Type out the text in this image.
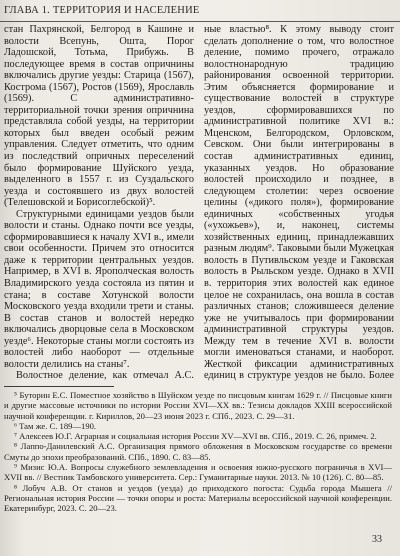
ГЛАВА 1. ТЕРРИТОРИЯ И НАСЕЛЕНИЕ

стан Пахрянской, Белгород в Кашине и волости Всепунь, Ошта, Порог Ладошской, Тотьма, Прибужь. В последующее время в состав опричнины включались другие уезды: Старица (1567), Кострома (1567), Ростов (1569), Ярославль (1569). С административно-территориальной точки зрения опричнина представляла собой уезды, на территории которых был введен особый режим управления. Следует отметить, что одним из последствий опричных переселений было формирование Шуйского уезда, выделенного в 1557 г. из Суздальского уезда и состоявшего из двух волостей (Телешовской и Борисоглебской)⁵.

Структурными единицами уездов были волости и станы. Однако почти все уезды, сформировавшиеся к началу XVI в., имели свои особенности. Причем это относится даже к территории центральных уездов. Например, в XVI в. Ярополческая волость Владимирского уезда состояла из пятин и стана; в составе Хотунской волости Московского уезда входили трети и станы. В состав станов и волостей нередко включались дворцовые села в Московском уезде⁶. Некоторые станы могли состоять из волостей либо наоборот — отдельные волости делились на станы⁷.

Волостное деление, как отмечал А.С.

ные властью⁸. К этому выводу стоит сделать дополнение о том, что волостное деление, помимо прочего, отражало волостнонародную традицию районирования освоенной территории. Этим объясняется формирование и существование волостей в структуре уездов, сформировавшихся по административной политике XVI в.: Мценском, Белгородском, Орловском, Севском. Они были интегрированы в состав административных единиц, указанных уездов. Но образование волостей происходило и позднее, в следующем столетии: через освоение целины («дикого поля»), формирование единичных «собственных угодья («ухожьев»), и, наконец, системы хозяйственных единиц, принадлежавших разным людям⁹. Таковыми были Мужецкая волость в Путивльском уезде и Гаковская волость в Рыльском уезде. Однако в XVII в. территория этих волостей как единое целое не сохранилась, она вошла в состав различных станов; сложившееся деление уже не учитывалось при формировании административной структуры уездов. Между тем в течение XVI в. волости могли именоваться станами, и наоборот. Жесткой фиксации административных единиц в структуре уездов не было. Более

⁵ Буторин Е.С. Поместное хозяйство в Шуйском уезде по писцовым книгам 1629 г. // Писцовые книги и другие массовые источники по истории России XVI—XX вв.: Тезисы докладов XXIII всероссийской научной конференции. г. Кириллов, 20—23 июня 2023 г. СПб., 2023. С. 29—31.

⁶ Там же. С. 189—190.

⁷ Алексеев Ю.Г. Аграрная и социальная история России XV—XVI вв. СПб., 2019. С. 26, примеч. 2.

⁸ Лаппо-Данилевский А.С. Организация прямого обложения в Московском государстве со времени Смуты до эпохи преобразований. СПб., 1890. С. 83—85.

⁹ Мизис Ю.А. Вопросы служебного землевладения и освоения южно-русского пограничья в XVI—XVII вв. // Вестник Тамбовского университета. Сер.: Гуманитарные науки. 2013. № 10 (126). С. 80—85.

⁸ Лобуч А.В. От станов и уездов (уезда) до приходского погоста: Судьба города Мышега // Региональная история России — точки опоры и роста: Материалы всероссийской научной конференции. Екатеринбург, 2023. С. 20—23.

33
